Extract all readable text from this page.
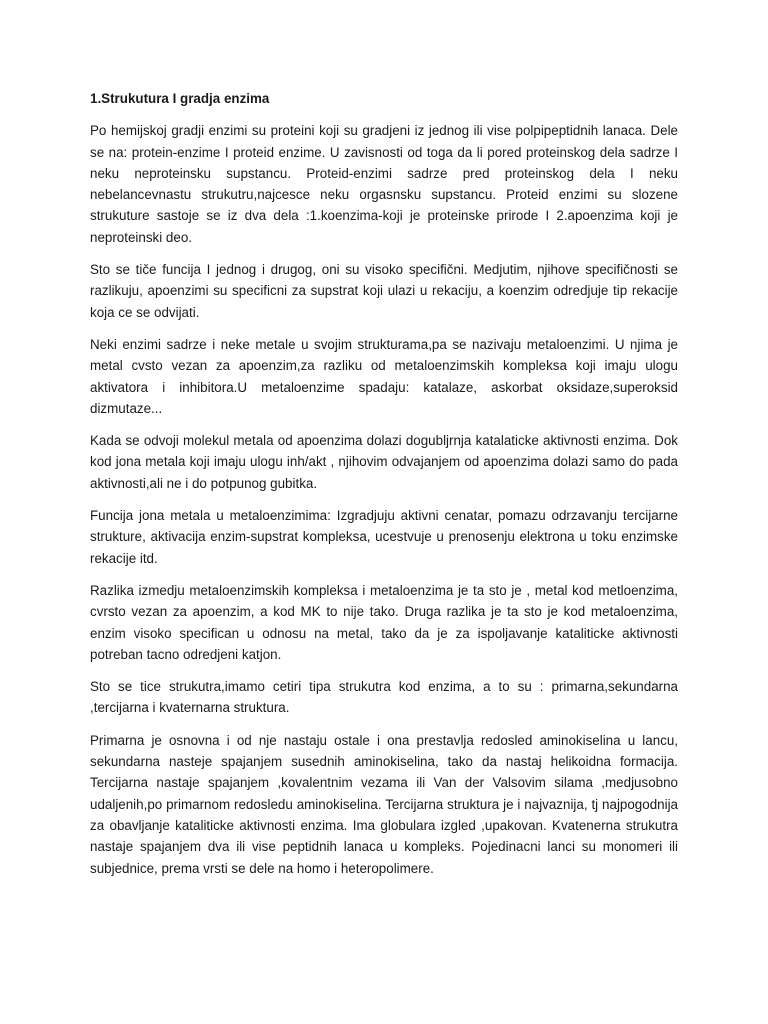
1.Strukutura I gradja enzima

Po hemijskoj gradji enzimi su proteini koji su gradjeni iz jednog ili vise polpipeptidnih lanaca. Dele se na: protein-enzime I proteid enzime. U zavisnosti od toga da li pored proteinskog dela sadrze I neku neproteinsku supstancu. Proteid-enzimi sadrze pred proteinskog dela I neku nebelancevnastu strukutru,najcesce neku orgasnsku supstancu. Proteid enzimi su slozene strukuture sastoje se iz dva dela :1.koenzima-koji je proteinske prirode I 2.apoenzima koji je neproteinski deo.

Sto se tiče funcija I jednog i drugog, oni su visoko specifični. Medjutim, njihove specifičnosti se razlikuju, apoenzimi su specificni za supstrat koji ulazi u rekaciju, a koenzim odredjuje tip rekacije koja ce se odvijati.

Neki enzimi sadrze i neke metale u svojim strukturama,pa se nazivaju metaloenzimi. U njima je metal cvsto vezan za apoenzim,za razliku od metaloenzimskih kompleksa koji imaju ulogu aktivatora i inhibitora.U metaloenzime spadaju: katalaze, askorbat oksidaze,superoksid dizmutaze...

Kada se odvoji molekul metala od apoenzima dolazi dogubljrnja katalaticke aktivnosti enzima. Dok kod jona metala koji imaju ulogu inh/akt , njihovim odvajanjem od apoenzima dolazi samo do pada aktivnosti,ali ne i do potpunog gubitka.

Funcija jona metala u metaloenzimima: Izgradjuju aktivni cenatar, pomazu odrzavanju tercijarne strukture, aktivacija enzim-supstrat kompleksa, ucestvuje u prenosenju elektrona u toku enzimske rekacije itd.

Razlika izmedju metaloenzimskih kompleksa i metaloenzima je ta sto je , metal kod metloenzima, cvrsto vezan za apoenzim, a kod MK to nije tako. Druga razlika je ta sto je kod metaloenzima, enzim visoko specifican u odnosu na metal, tako da je za ispoljavanje kataliticke aktivnosti potreban tacno odredjeni katjon.

Sto se tice strukutra,imamo cetiri tipa strukutra kod enzima, a to su : primarna,sekundarna ,tercijarna i kvaternarna struktura.

Primarna je osnovna i od nje nastaju ostale i ona prestavlja redosled aminokiselina u lancu, sekundarna nasteje spajanjem susednih aminokiselina, tako da nastaj helikoidna formacija. Tercijarna nastaje spajanjem ,kovalentnim vezama ili Van der Valsovim silama ,medjusobno udaljenih,po primarnom redosledu aminokiselina. Tercijarna struktura je i najvaznija, tj najpogodnija za obavljanje kataliticke aktivnosti enzima. Ima globulara izgled ,upakovan. Kvatenerna strukutra nastaje spajanjem dva ili vise peptidnih lanaca u kompleks. Pojedinacni lanci su monomeri ili subjednice, prema vrsti se dele na homo i heteropolimere.
